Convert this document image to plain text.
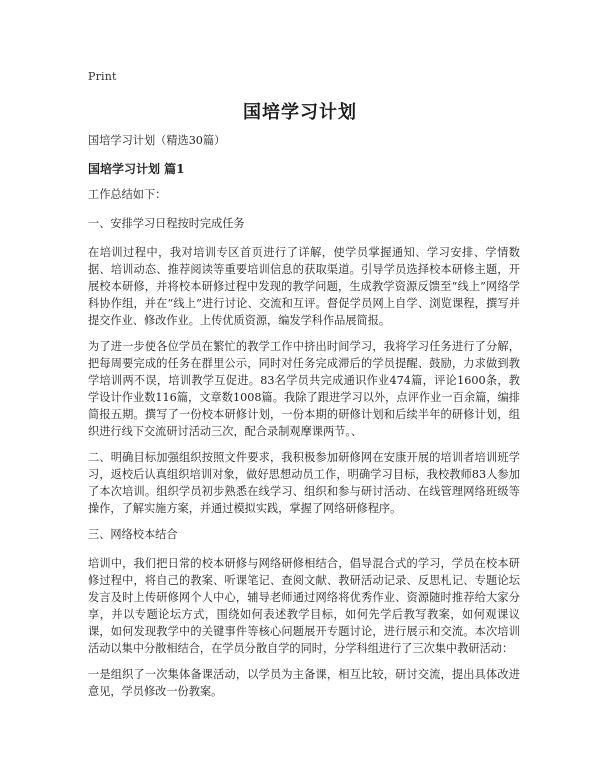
Print
国培学习计划
国培学习计划（精选30篇）
国培学习计划 篇1
工作总结如下：
一、安排学习日程按时完成任务
在培训过程中，我对培训专区首页进行了详解，使学员掌握通知、学习安排、学情数据、培训动态、推荐阅读等重要培训信息的获取渠道。引导学员选择校本研修主题，开展校本研修，并将校本研修过程中发现的教学问题，生成教学资源反馈至“线上”网络学科协作组，并在“线上”进行讨论、交流和互评。督促学员网上自学、浏览课程，撰写并提交作业、修改作业。上传优质资源，编发学科作品展简报。
为了进一步使各位学员在繁忙的教学工作中挤出时间学习，我将学习任务进行了分解，把每周要完成的任务在群里公示，同时对任务完成滞后的学员提醒、鼓励，力求做到教学培训两不误，培训教学互促进。83名学员共完成通识作业474篇，评论1600条，教学设计作业数116篇，文章数1008篇。我除了跟进学习以外，点评作业一百余篇，编排简报五期。撰写了一份校本研修计划，一份本期的研修计划和后续半年的研修计划，组织进行线下交流研讨活动三次，配合录制观摩课两节。、
二、明确目标加强组织按照文件要求，我积极参加研修网在安康开展的培训者培训班学习，返校后认真组织培训对象，做好思想动员工作，明确学习目标，我校教师83人参加了本次培训。组织学员初步熟悉在线学习、组织和参与研讨活动、在线管理网络班级等操作，了解实施方案，并通过模拟实践，掌握了网络研修程序。
三、网络校本结合
培训中，我们把日常的校本研修与网络研修相结合，倡导混合式的学习，学员在校本研修过程中，将自己的教案、听课笔记、查阅文献、教研活动记录、反思札记、专题论坛发言及时上传研修网个人中心，辅导老师通过网络将优秀作业、资源随时推荐给大家分享，并以专题论坛方式，围绕如何表述教学目标，如何先学后教写教案，如何观课议课，如何发现教学中的关键事件等核心问题展开专题讨论，进行展示和交流。本次培训活动以集中分散相结合，在学员分散自学的同时，分学科组进行了三次集中教研活动：
一是组织了一次集体备课活动，以学员为主备课，相互比较，研讨交流，提出具体改进意见，学员修改一份教案。
